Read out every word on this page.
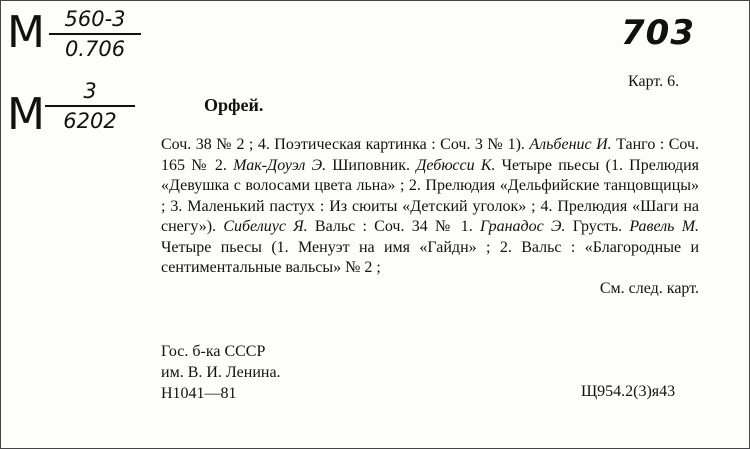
M 560-3
0.706
M	3
6202
703
Карт. 6.
Орфей.

Соч. 38 № 2 ; 4. Поэтическая картинка : Соч. 3 № 1). Альбенис И. Танго : Соч. 165 № 2. Мак-Доуэл Э. Шиповник. Дебюсси К. Четыре пьесы (1. Прелюдия «Девушка с волосами цвета льна» ; 2. Прелюдия «Дельфийские танцовщицы» ; 3. Маленький пастух : Из сюиты «Детский уголок» ; 4. Прелюдия «Шаги на снегу»). Сибелиус Я. Вальс : Соч. 34 № 1. Гранадос Э. Грусть. Равель М. Четыре пьесы (1. Менуэт на имя «Гайдн» ; 2. Вальс : «Благородные и сентиментальные вальсы» № 2 ;

См. след. карт.

Гос. б-ка СССР
им. В. И. Ленина.
Н1041—81	Щ954.2(3)я43
